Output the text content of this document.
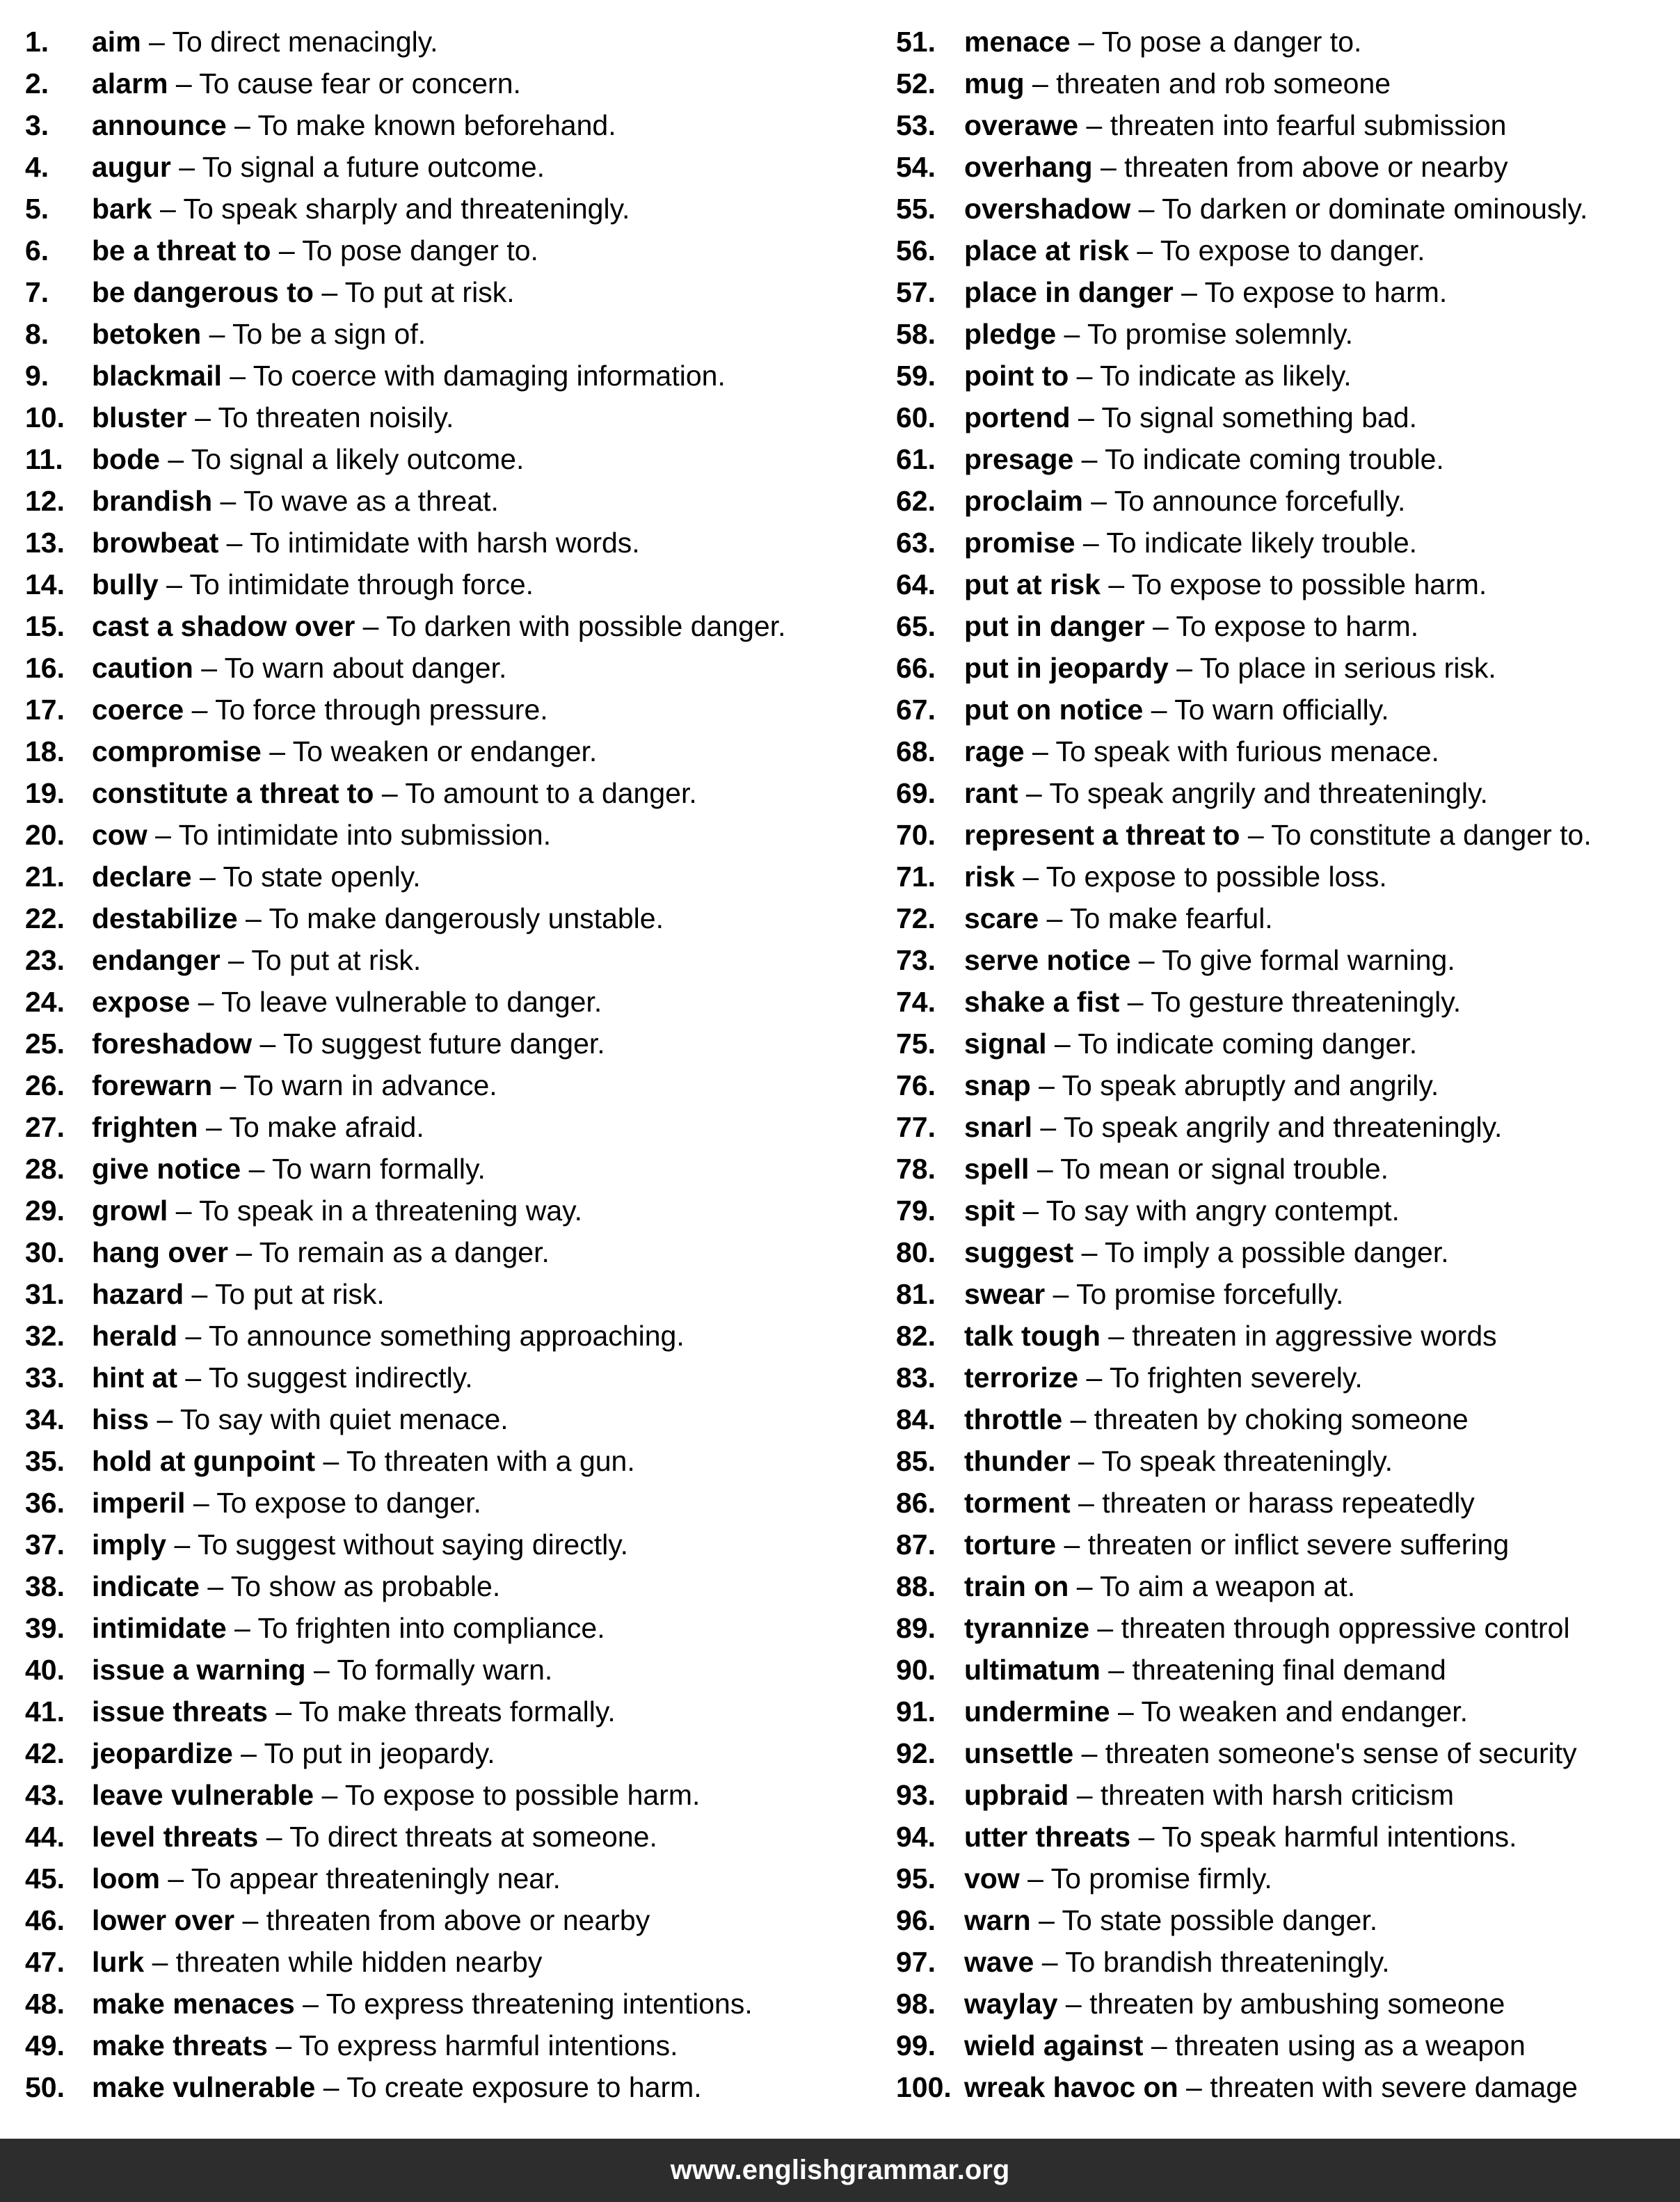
1. aim – To direct menacingly.
2. alarm – To cause fear or concern.
3. announce – To make known beforehand.
4. augur – To signal a future outcome.
5. bark – To speak sharply and threateningly.
6. be a threat to – To pose danger to.
7. be dangerous to – To put at risk.
8. betoken – To be a sign of.
9. blackmail – To coerce with damaging information.
10. bluster – To threaten noisily.
11. bode – To signal a likely outcome.
12. brandish – To wave as a threat.
13. browbeat – To intimidate with harsh words.
14. bully – To intimidate through force.
15. cast a shadow over – To darken with possible danger.
16. caution – To warn about danger.
17. coerce – To force through pressure.
18. compromise – To weaken or endanger.
19. constitute a threat to – To amount to a danger.
20. cow – To intimidate into submission.
21. declare – To state openly.
22. destabilize – To make dangerously unstable.
23. endanger – To put at risk.
24. expose – To leave vulnerable to danger.
25. foreshadow – To suggest future danger.
26. forewarn – To warn in advance.
27. frighten – To make afraid.
28. give notice – To warn formally.
29. growl – To speak in a threatening way.
30. hang over – To remain as a danger.
31. hazard – To put at risk.
32. herald – To announce something approaching.
33. hint at – To suggest indirectly.
34. hiss – To say with quiet menace.
35. hold at gunpoint – To threaten with a gun.
36. imperil – To expose to danger.
37. imply – To suggest without saying directly.
38. indicate – To show as probable.
39. intimidate – To frighten into compliance.
40. issue a warning – To formally warn.
41. issue threats – To make threats formally.
42. jeopardize – To put in jeopardy.
43. leave vulnerable – To expose to possible harm.
44. level threats – To direct threats at someone.
45. loom – To appear threateningly near.
46. lower over – threaten from above or nearby
47. lurk – threaten while hidden nearby
48. make menaces – To express threatening intentions.
49. make threats – To express harmful intentions.
50. make vulnerable – To create exposure to harm.
51. menace – To pose a danger to.
52. mug – threaten and rob someone
53. overawe – threaten into fearful submission
54. overhang – threaten from above or nearby
55. overshadow – To darken or dominate ominously.
56. place at risk – To expose to danger.
57. place in danger – To expose to harm.
58. pledge – To promise solemnly.
59. point to – To indicate as likely.
60. portend – To signal something bad.
61. presage – To indicate coming trouble.
62. proclaim – To announce forcefully.
63. promise – To indicate likely trouble.
64. put at risk – To expose to possible harm.
65. put in danger – To expose to harm.
66. put in jeopardy – To place in serious risk.
67. put on notice – To warn officially.
68. rage – To speak with furious menace.
69. rant – To speak angrily and threateningly.
70. represent a threat to – To constitute a danger to.
71. risk – To expose to possible loss.
72. scare – To make fearful.
73. serve notice – To give formal warning.
74. shake a fist – To gesture threateningly.
75. signal – To indicate coming danger.
76. snap – To speak abruptly and angrily.
77. snarl – To speak angrily and threateningly.
78. spell – To mean or signal trouble.
79. spit – To say with angry contempt.
80. suggest – To imply a possible danger.
81. swear – To promise forcefully.
82. talk tough – threaten in aggressive words
83. terrorize – To frighten severely.
84. throttle – threaten by choking someone
85. thunder – To speak threateningly.
86. torment – threaten or harass repeatedly
87. torture – threaten or inflict severe suffering
88. train on – To aim a weapon at.
89. tyrannize – threaten through oppressive control
90. ultimatum – threatening final demand
91. undermine – To weaken and endanger.
92. unsettle – threaten someone's sense of security
93. upbraid – threaten with harsh criticism
94. utter threats – To speak harmful intentions.
95. vow – To promise firmly.
96. warn – To state possible danger.
97. wave – To brandish threateningly.
98. waylay – threaten by ambushing someone
99. wield against – threaten using as a weapon
100. wreak havoc on – threaten with severe damage
www.englishgrammar.org
